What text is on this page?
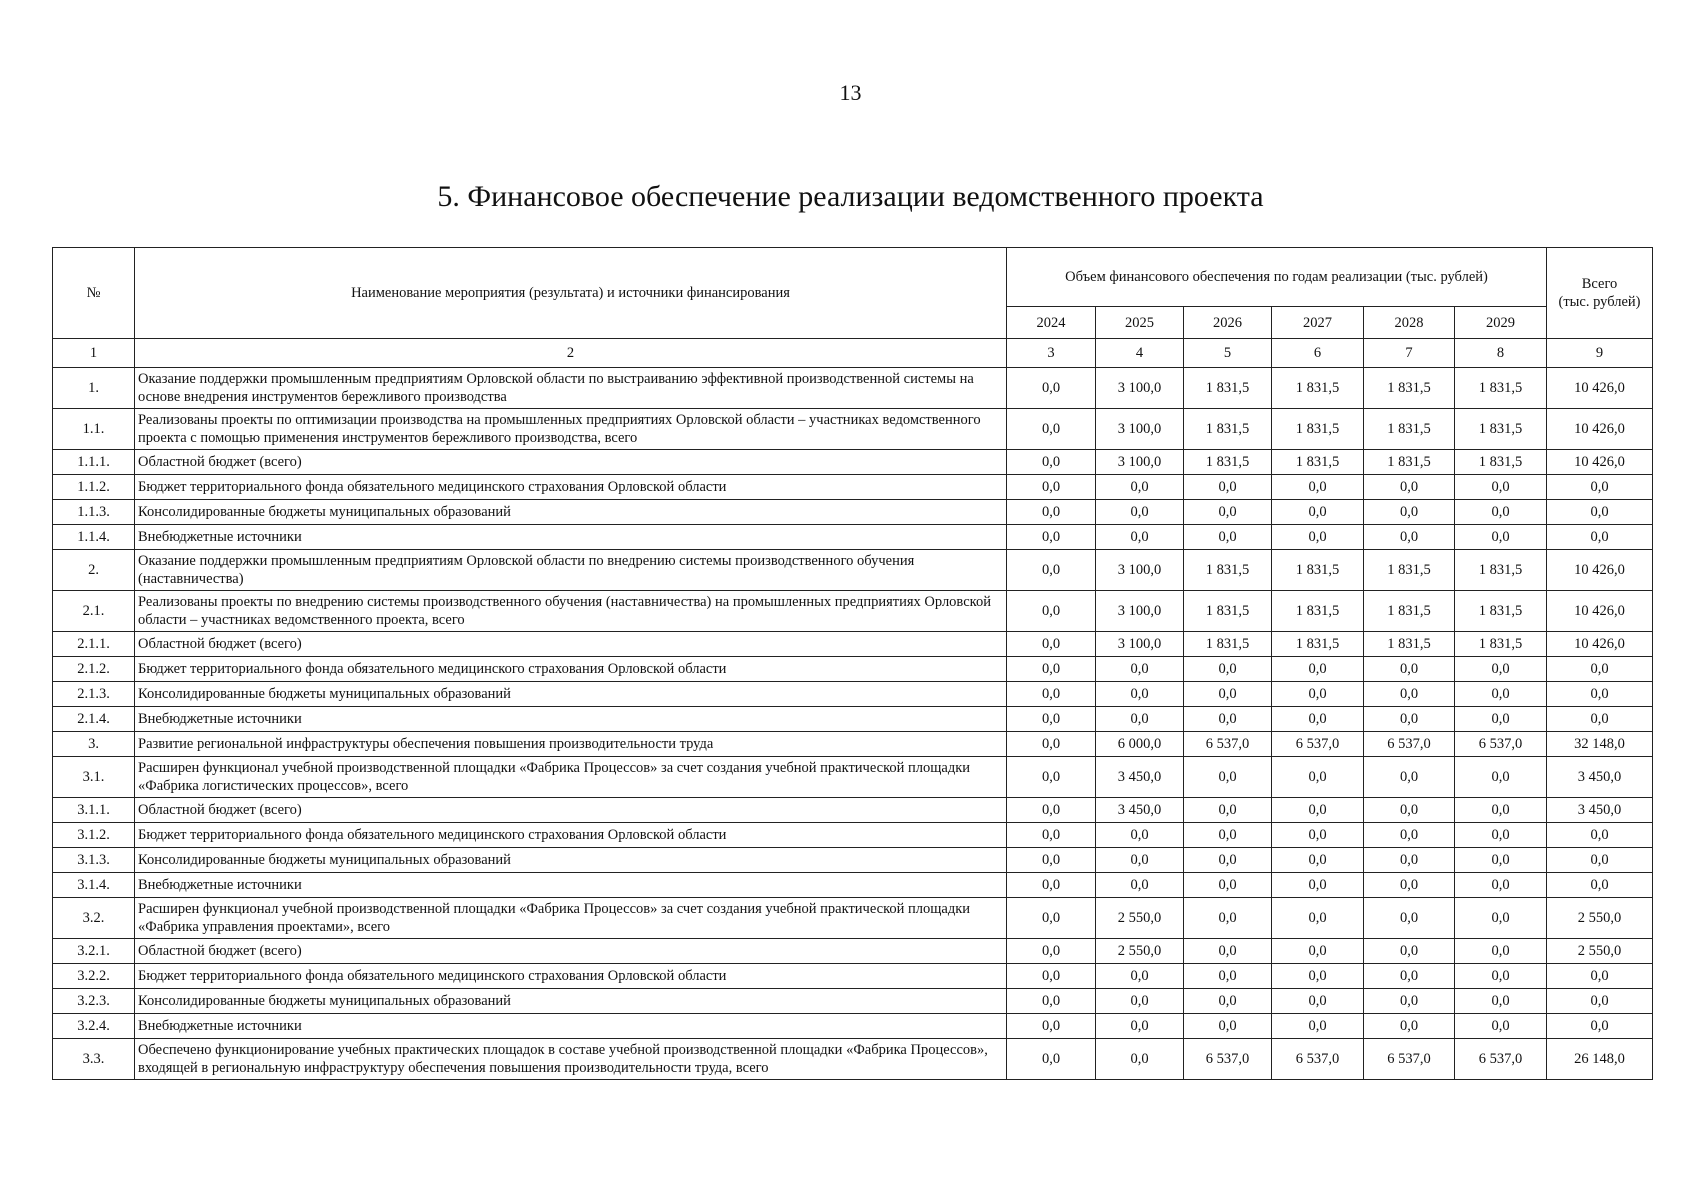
13
5. Финансовое обеспечение реализации ведомственного проекта
№	Наименование мероприятия (результата) и источники финансирования	Объем финансового обеспечения по годам реализации (тыс. рублей)						Всего
(тыс. рублей)
		2024	2025	2026	2027	2028	2029	
1	2	3	4	5	6	7	8	9
1.	Оказание поддержки промышленным предприятиям Орловской области по выстраиванию эффективной производственной системы на основе внедрения инструментов бережливого производства	0,0	3 100,0	1 831,5	1 831,5	1 831,5	1 831,5	10 426,0
1.1.	Реализованы проекты по оптимизации производства на промышленных предприятиях Орловской области – участниках ведомственного проекта с помощью применения инструментов бережливого производства, всего	0,0	3 100,0	1 831,5	1 831,5	1 831,5	1 831,5	10 426,0
1.1.1.	Областной бюджет (всего)	0,0	3 100,0	1 831,5	1 831,5	1 831,5	1 831,5	10 426,0
1.1.2.	Бюджет территориального фонда обязательного медицинского страхования Орловской области	0,0	0,0	0,0	0,0	0,0	0,0	0,0
1.1.3.	Консолидированные бюджеты муниципальных образований	0,0	0,0	0,0	0,0	0,0	0,0	0,0
1.1.4.	Внебюджетные источники	0,0	0,0	0,0	0,0	0,0	0,0	0,0
2.	Оказание поддержки промышленным предприятиям Орловской области по внедрению системы производственного обучения (наставничества)	0,0	3 100,0	1 831,5	1 831,5	1 831,5	1 831,5	10 426,0
2.1.	Реализованы проекты по внедрению системы производственного обучения (наставничества) на промышленных предприятиях Орловской области – участниках ведомственного проекта, всего	0,0	3 100,0	1 831,5	1 831,5	1 831,5	1 831,5	10 426,0
2.1.1.	Областной бюджет (всего)	0,0	3 100,0	1 831,5	1 831,5	1 831,5	1 831,5	10 426,0
2.1.2.	Бюджет территориального фонда обязательного медицинского страхования Орловской области	0,0	0,0	0,0	0,0	0,0	0,0	0,0
2.1.3.	Консолидированные бюджеты муниципальных образований	0,0	0,0	0,0	0,0	0,0	0,0	0,0
2.1.4.	Внебюджетные источники	0,0	0,0	0,0	0,0	0,0	0,0	0,0
3.	Развитие региональной инфраструктуры обеспечения повышения производительности труда	0,0	6 000,0	6 537,0	6 537,0	6 537,0	6 537,0	32 148,0
3.1.	Расширен функционал учебной производственной площадки «Фабрика Процессов» за счет создания учебной практической площадки «Фабрика логистических процессов», всего	0,0	3 450,0	0,0	0,0	0,0	0,0	3 450,0
3.1.1.	Областной бюджет (всего)	0,0	3 450,0	0,0	0,0	0,0	0,0	3 450,0
3.1.2.	Бюджет территориального фонда обязательного медицинского страхования Орловской области	0,0	0,0	0,0	0,0	0,0	0,0	0,0
3.1.3.	Консолидированные бюджеты муниципальных образований	0,0	0,0	0,0	0,0	0,0	0,0	0,0
3.1.4.	Внебюджетные источники	0,0	0,0	0,0	0,0	0,0	0,0	0,0
3.2.	Расширен функционал учебной производственной площадки «Фабрика Процессов» за счет создания учебной практической площадки «Фабрика управления проектами», всего	0,0	2 550,0	0,0	0,0	0,0	0,0	2 550,0
3.2.1.	Областной бюджет (всего)	0,0	2 550,0	0,0	0,0	0,0	0,0	2 550,0
3.2.2.	Бюджет территориального фонда обязательного медицинского страхования Орловской области	0,0	0,0	0,0	0,0	0,0	0,0	0,0
3.2.3.	Консолидированные бюджеты муниципальных образований	0,0	0,0	0,0	0,0	0,0	0,0	0,0
3.2.4.	Внебюджетные источники	0,0	0,0	0,0	0,0	0,0	0,0	0,0
3.3.	Обеспечено функционирование учебных практических площадок в составе учебной производственной площадки «Фабрика Процессов», входящей в региональную инфраструктуру обеспечения повышения производительности труда, всего	0,0	0,0	6 537,0	6 537,0	6 537,0	6 537,0	26 148,0
